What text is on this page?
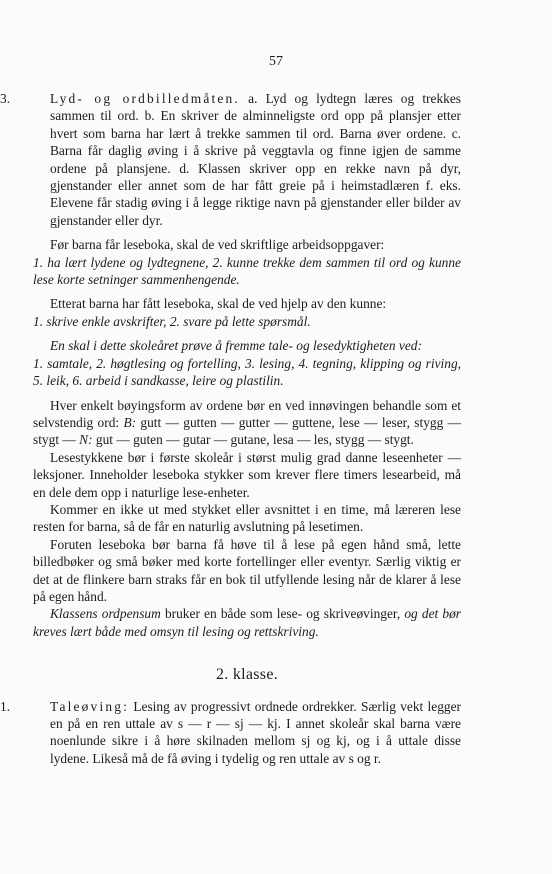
57

3.	Lyd- og ordbilledmåten. a. Lyd og lydtegn læres og trekkes sammen til ord. b. En skriver de alminneligste ord opp på plansjer etter hvert som barna har lært å trekke sammen til ord. Barna øver ordene. c. Barna får daglig øving i å skrive på veggtavla og finne igjen de samme ordene på plansjene. d. Klassen skriver opp en rekke navn på dyr, gjenstander eller annet som de har fått greie på i heimstadlæren f. eks. Elevene får stadig øving i å legge riktige navn på gjenstander eller bilder av gjenstander eller dyr.

Før barna får leseboka, skal de ved skriftlige arbeidsoppgaver:

1. ha lært lydene og lydtegnene, 2. kunne trekke dem sammen til ord og kunne lese korte setninger sammenhengende.

Etterat barna har fått leseboka, skal de ved hjelp av den kunne:

1. skrive enkle avskrifter, 2. svare på lette spørsmål.

En skal i dette skoleåret prøve å fremme tale- og lesedyktigheten ved:

1. samtale, 2. høgtlesing og fortelling, 3. lesing, 4. tegning, klipping og riving, 5. leik, 6. arbeid i sandkasse, leire og plastilin.

Hver enkelt bøyingsform av ordene bør en ved innøvingen behandle som et selvstendig ord: B: gutt — gutten — gutter — guttene, lese — leser, stygg — stygt — N: gut — guten — gutar — gutane, lesa — les, stygg — stygt.

Lesestykkene bør i første skoleår i størst mulig grad danne leseenheter — leksjoner. Inneholder leseboka stykker som krever flere timers lesearbeid, må en dele dem opp i naturlige lese-enheter.

Kommer en ikke ut med stykket eller avsnittet i en time, må læreren lese resten for barna, så de får en naturlig avslutning på lesetimen.

Foruten leseboka bør barna få høve til å lese på egen hånd små, lette billedbøker og små bøker med korte fortellinger eller eventyr. Særlig viktig er det at de flinkere barn straks får en bok til utfyllende lesing når de klarer å lese på egen hånd.

Klassens ordpensum bruker en både som lese- og skriveøvinger, og det bør kreves lært både med omsyn til lesing og rettskriving.

2. klasse.

1.	Taleøving: Lesing av progressivt ordnede ordrekker. Særlig vekt legger en på en ren uttale av s — r — sj — kj. I annet skoleår skal barna være noenlunde sikre i å høre skilnaden mellom sj og kj, og i å uttale disse lydene. Likeså må de få øving i tydelig og ren uttale av s og r.
